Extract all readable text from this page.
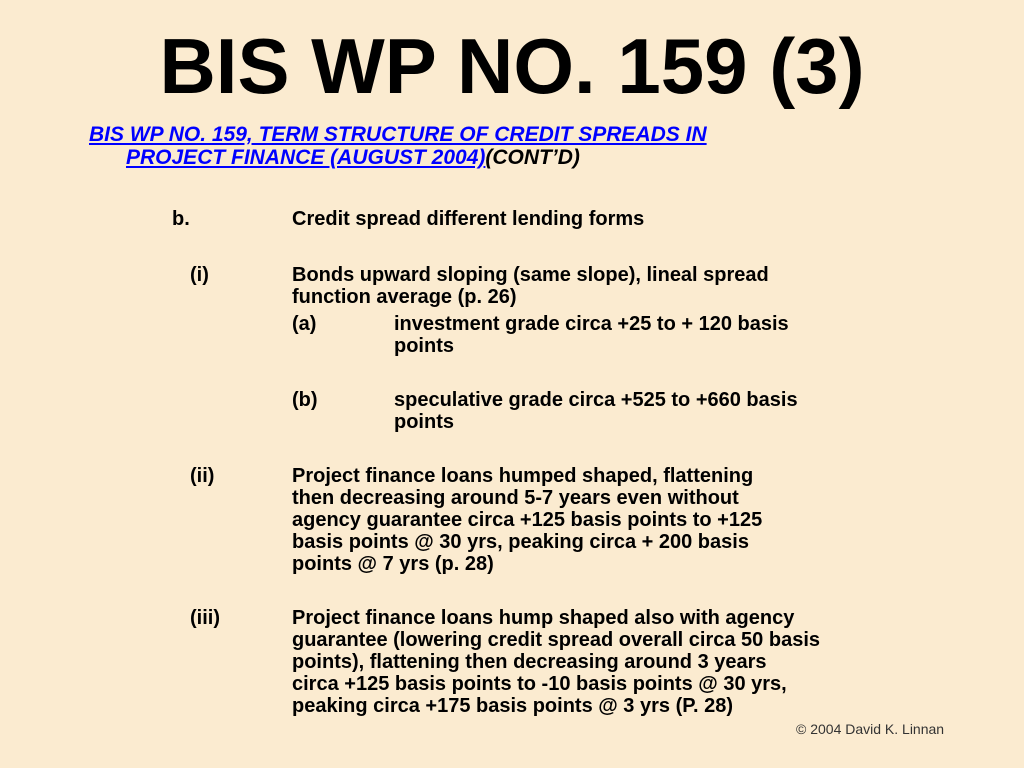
BIS WP NO. 159 (3)
BIS WP NO. 159, TERM STRUCTURE OF CREDIT SPREADS IN
PROJECT FINANCE (AUGUST 2004)(CONT’D)
b.	Credit spread different lending forms
(i)	Bonds upward sloping (same slope), lineal spread
function average (p. 26)
(a)	investment grade circa +25 to + 120 basis
points
(b)	speculative grade circa +525 to +660 basis
points
(ii)	Project finance loans humped shaped, flattening
then decreasing around 5-7 years even without
agency guarantee circa +125 basis points to +125
basis points @ 30 yrs, peaking circa + 200 basis
points @ 7 yrs (p. 28)
(iii)	Project finance loans hump shaped also with agency
guarantee (lowering credit spread overall circa 50 basis
points), flattening then decreasing around 3 years
circa +125 basis points to -10 basis points @ 30 yrs,
peaking circa +175 basis points @ 3 yrs (P. 28)
© 2004 David K. Linnan
